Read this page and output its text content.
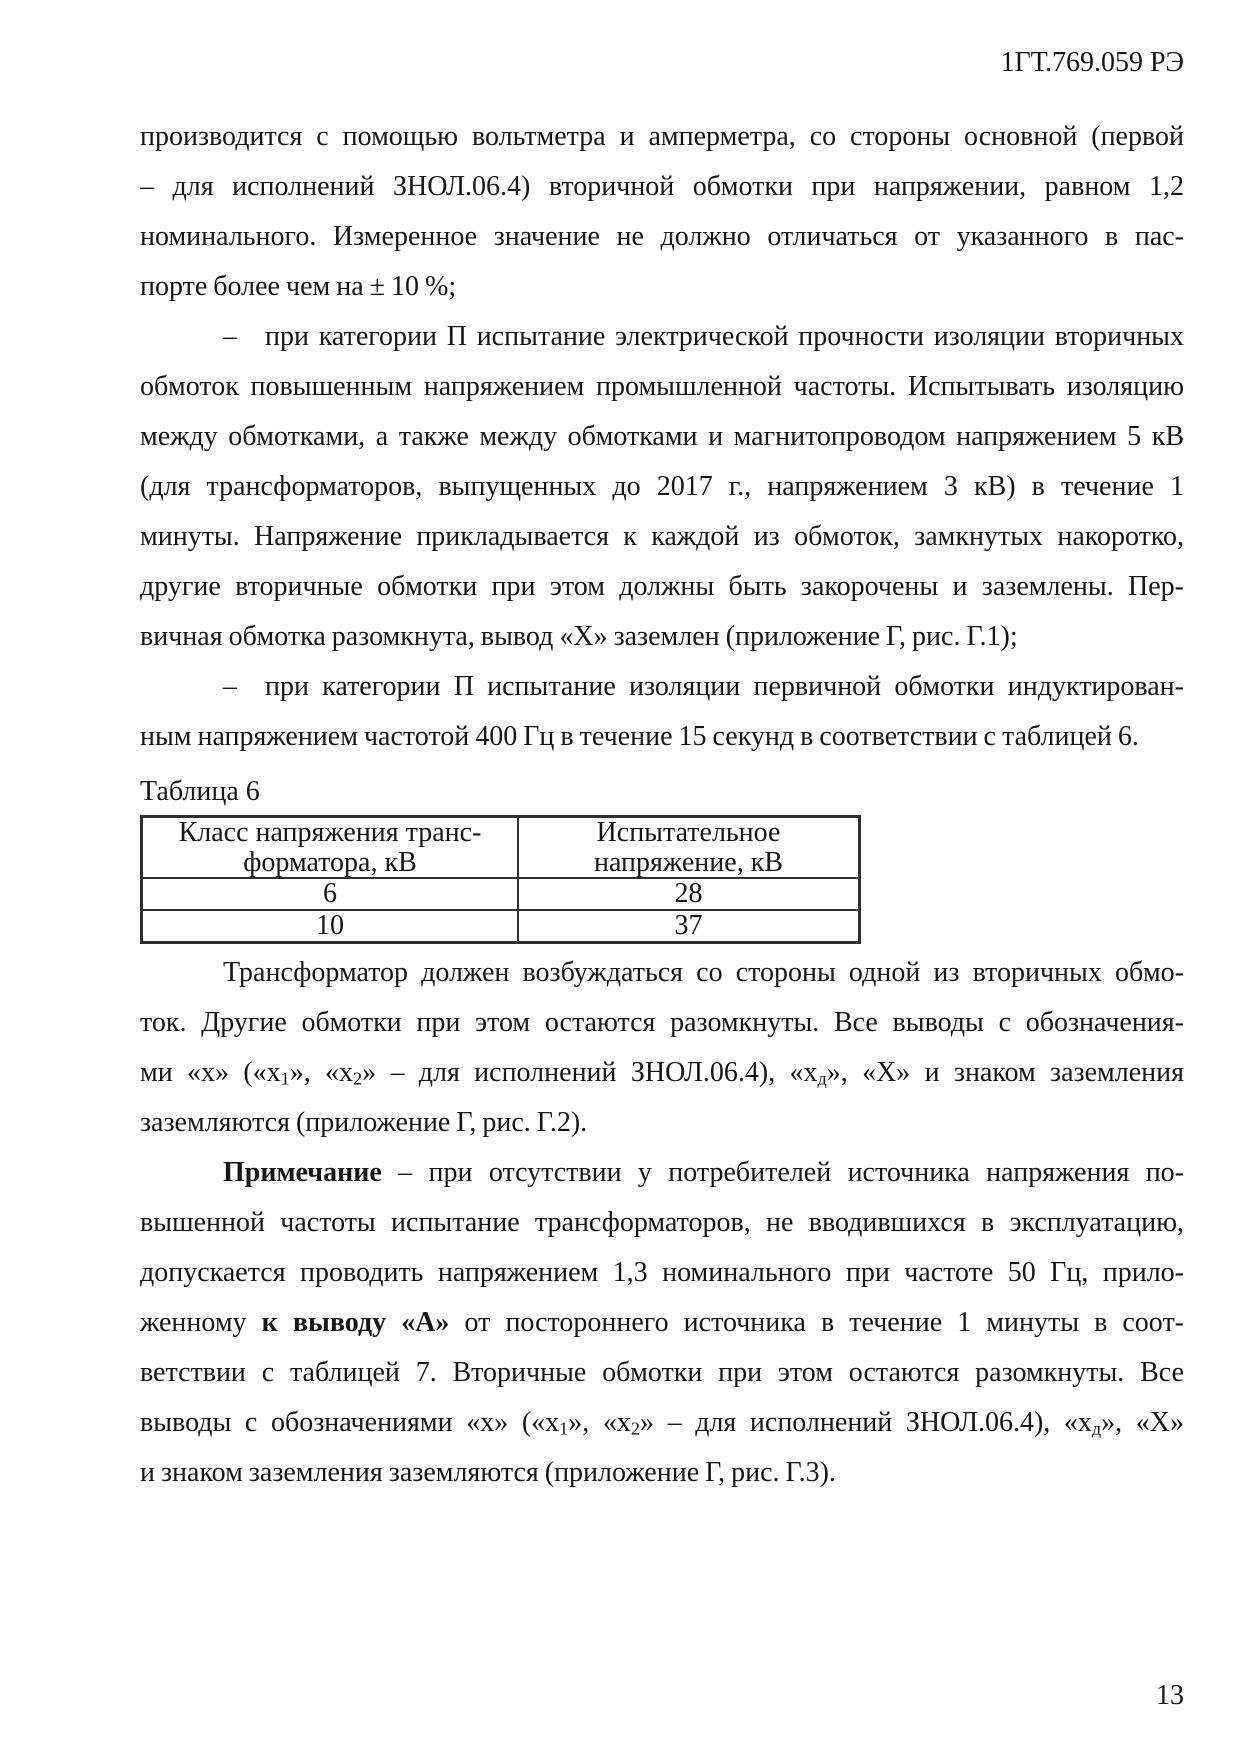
1ГТ.769.059 РЭ
производится с помощью вольтметра и амперметра, со стороны основной (первой
– для исполнений ЗНОЛ.06.4) вторичной обмотки при напряжении, равном 1,2
номинального. Измеренное значение не должно отличаться от указанного в пас-
порте более чем на ± 10 %;
– при категории П испытание электрической прочности изоляции вторичных
обмоток повышенным напряжением промышленной частоты. Испытывать изоляцию
между обмотками, а также между обмотками и магнитопроводом напряжением 5 кВ
(для трансформаторов, выпущенных до 2017 г., напряжением 3 кВ) в течение 1
минуты. Напряжение прикладывается к каждой из обмоток, замкнутых накоротко,
другие вторичные обмотки при этом должны быть закорочены и заземлены. Пер-
вичная обмотка разомкнута, вывод «Х» заземлен (приложение Г, рис. Г.1);
– при категории П испытание изоляции первичной обмотки индуктирован-
ным напряжением частотой 400 Гц в течение 15 секунд в соответствии с таблицей 6.
Таблица 6
Класс напряжения транс-
форматора, кВ
Испытательное
напряжение, кВ
6	28
10	37
Трансформатор должен возбуждаться со стороны одной из вторичных обмо-
ток. Другие обмотки при этом остаются разомкнуты. Все выводы с обозначения-
ми «х» («х1», «х2» – для исполнений ЗНОЛ.06.4), «хд», «Х» и знаком заземления
заземляются (приложение Г, рис. Г.2).
Примечание – при отсутствии у потребителей источника напряжения по-
вышенной частоты испытание трансформаторов, не вводившихся в эксплуатацию,
допускается проводить напряжением 1,3 номинального при частоте 50 Гц, прило-
женному к выводу «А» от постороннего источника в течение 1 минуты в соот-
ветствии с таблицей 7. Вторичные обмотки при этом остаются разомкнуты. Все
выводы с обозначениями «х» («х1», «х2» – для исполнений ЗНОЛ.06.4), «хд», «Х»
и знаком заземления заземляются (приложение Г, рис. Г.3).
13
